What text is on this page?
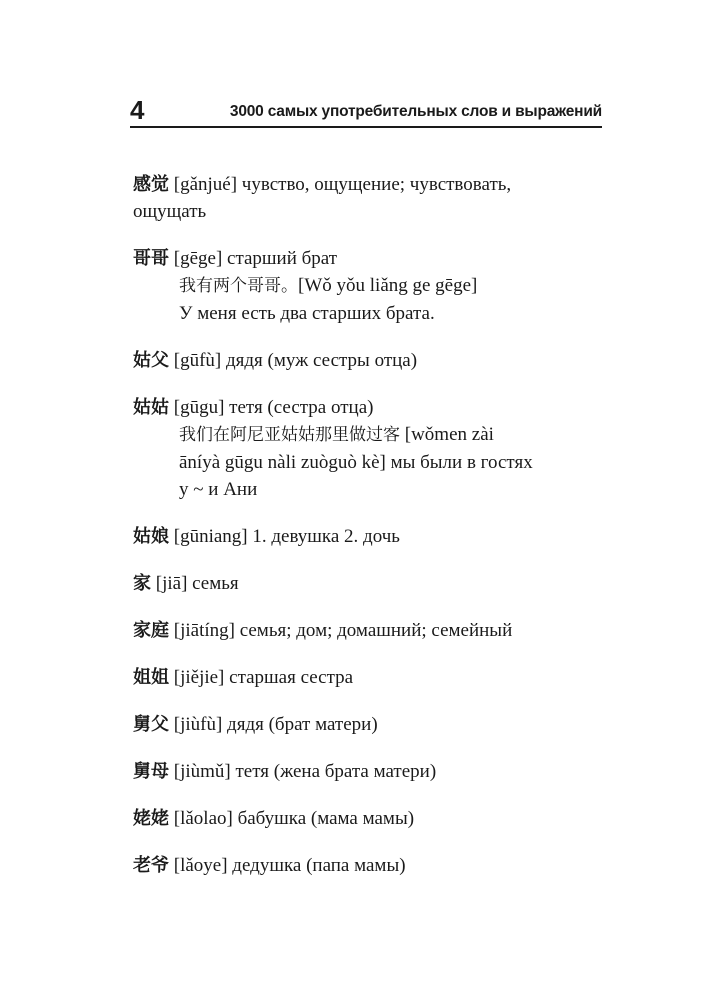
4	3000 самых употребительных слов и выражений
感觉 [gǎnjué] чувство, ощущение; чувствовать,
ощущать
哥哥 [gēge] старший брат
我有两个哥哥。[Wǒ yǒu liǎng ge gēge]
У меня есть два старших брата.
姑父 [gūfù] дядя (муж сестры отца)
姑姑 [gūgu] тетя (сестра отца)
我们在阿尼亚姑姑那里做过客 [wǒmen zài
āníyà gūgu nàli zuòguò kè] мы были в гостях
у ~ и Ани
姑娘 [gūniang] 1. девушка 2. дочь
家 [jiā] семья
家庭 [jiātíng] семья; дом; домашний; семейный
姐姐 [jiějie] старшая сестра
舅父 [jiùfù] дядя (брат матери)
舅母 [jiùmǔ] тетя (жена брата матери)
姥姥 [lǎolao] бабушка (мама мамы)
老爷 [lǎoye] дедушка (папа мамы)
